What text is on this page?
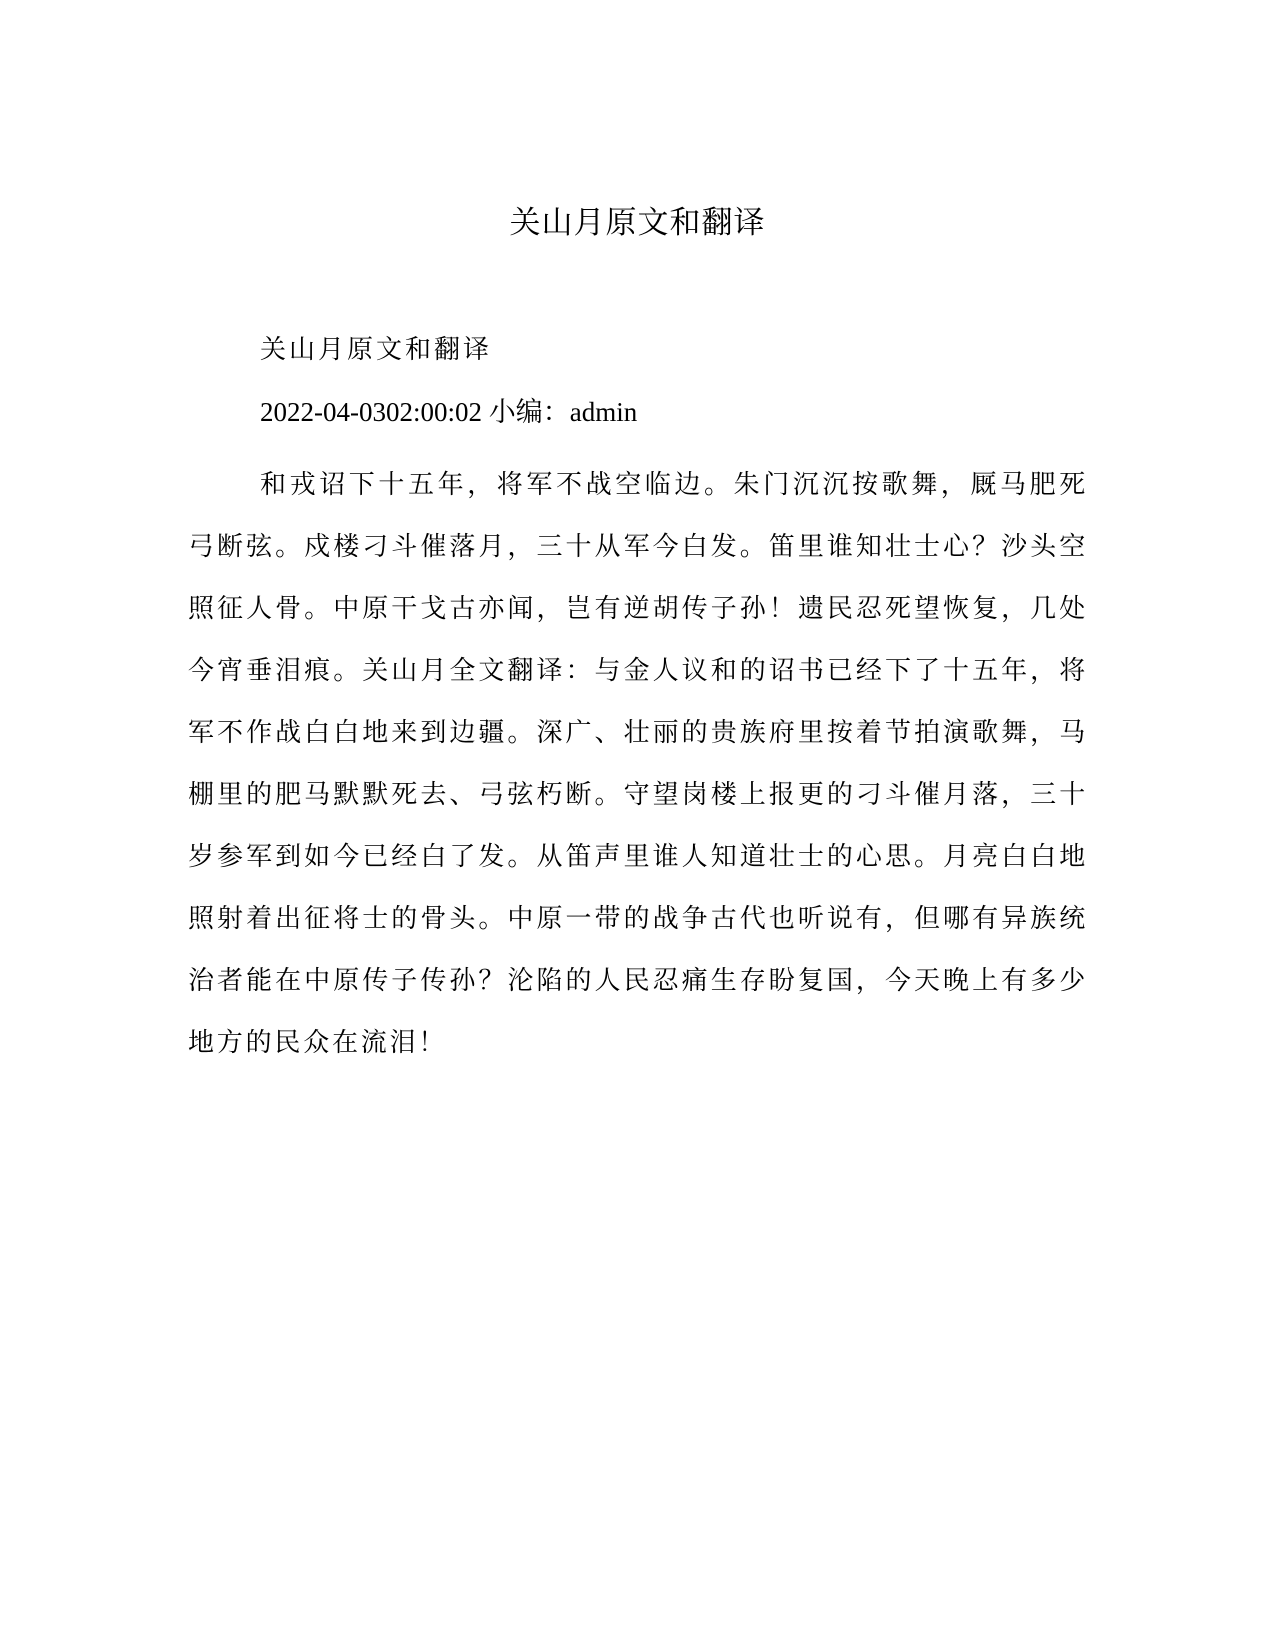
关山月原文和翻译

关山月原文和翻译

2022-04-0302:00:02 小编：admin

和戎诏下十五年，将军不战空临边。朱门沉沉按歌舞，厩马肥死弓断弦。戍楼刁斗催落月，三十从军今白发。笛里谁知壮士心？沙头空照征人骨。中原干戈古亦闻，岂有逆胡传子孙！遗民忍死望恢复，几处今宵垂泪痕。关山月全文翻译：与金人议和的诏书已经下了十五年，将军不作战白白地来到边疆。深广、壮丽的贵族府里按着节拍演歌舞，马棚里的肥马默默死去、弓弦朽断。守望岗楼上报更的刁斗催月落，三十岁参军到如今已经白了发。从笛声里谁人知道壮士的心思。月亮白白地照射着出征将士的骨头。中原一带的战争古代也听说有，但哪有异族统治者能在中原传子传孙？沦陷的人民忍痛生存盼复国，今天晚上有多少地方的民众在流泪！
